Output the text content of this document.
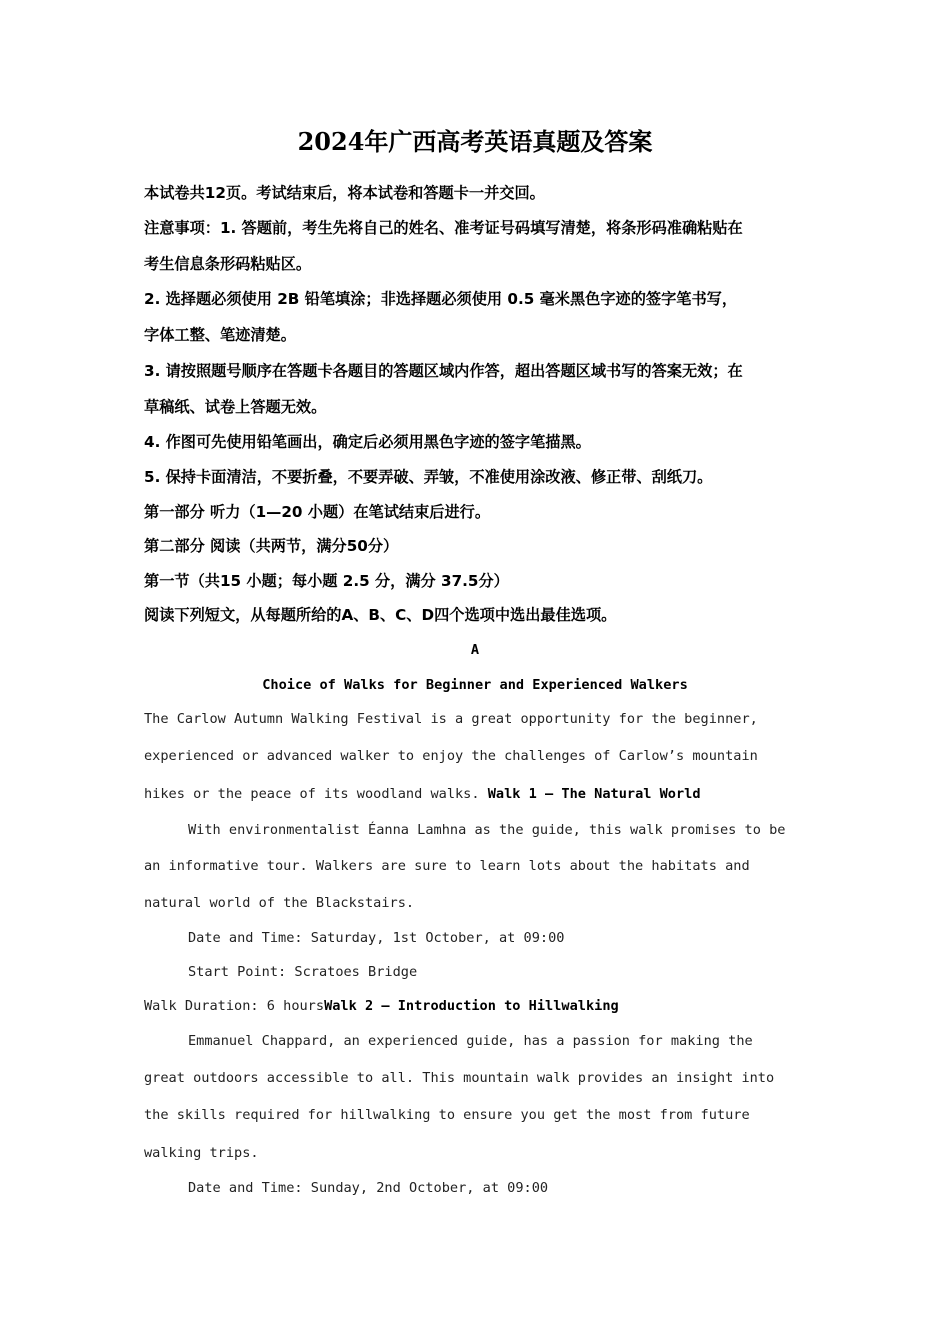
2024年广西高考英语真题及答案
本试卷共12页。考试结束后，将本试卷和答题卡一并交回。
注意事项：1. 答题前，考生先将自己的姓名、准考证号码填写清楚，将条形码准确粘贴在
考生信息条形码粘贴区。
2. 选择题必须使用 2B 铅笔填涂；非选择题必须使用 0.5 毫米黑色字迹的签字笔书写，
字体工整、笔迹清楚。
3. 请按照题号顺序在答题卡各题目的答题区域内作答，超出答题区域书写的答案无效；在
草稿纸、试卷上答题无效。
4. 作图可先使用铅笔画出，确定后必须用黑色字迹的签字笔描黑。
5. 保持卡面清洁，不要折叠，不要弄破、弄皱，不准使用涂改液、修正带、刮纸刀。
第一部分 听力（1—20 小题）在笔试结束后进行。
第二部分 阅读（共两节，满分50分）
第一节（共15 小题；每小题 2.5 分，满分 37.5分）
阅读下列短文，从每题所给的A、B、C、D四个选项中选出最佳选项。
A
Choice of Walks for Beginner and Experienced Walkers
The Carlow Autumn Walking Festival is a great opportunity for the beginner,
experienced or advanced walker to enjoy the challenges of Carlow’s mountain
hikes or the peace of its woodland walks. Walk 1 — The Natural World
With environmentalist Éanna Lamhna as the guide, this walk promises to be
an informative tour. Walkers are sure to learn lots about the habitats and
natural world of the Blackstairs.
Date and Time: Saturday, 1st October, at 09:00
Start Point: Scratoes Bridge
Walk Duration: 6 hoursWalk 2 — Introduction to Hillwalking
Emmanuel Chappard, an experienced guide, has a passion for making the
great outdoors accessible to all. This mountain walk provides an insight into
the skills required for hillwalking to ensure you get the most from future
walking trips.
Date and Time: Sunday, 2nd October, at 09:00
